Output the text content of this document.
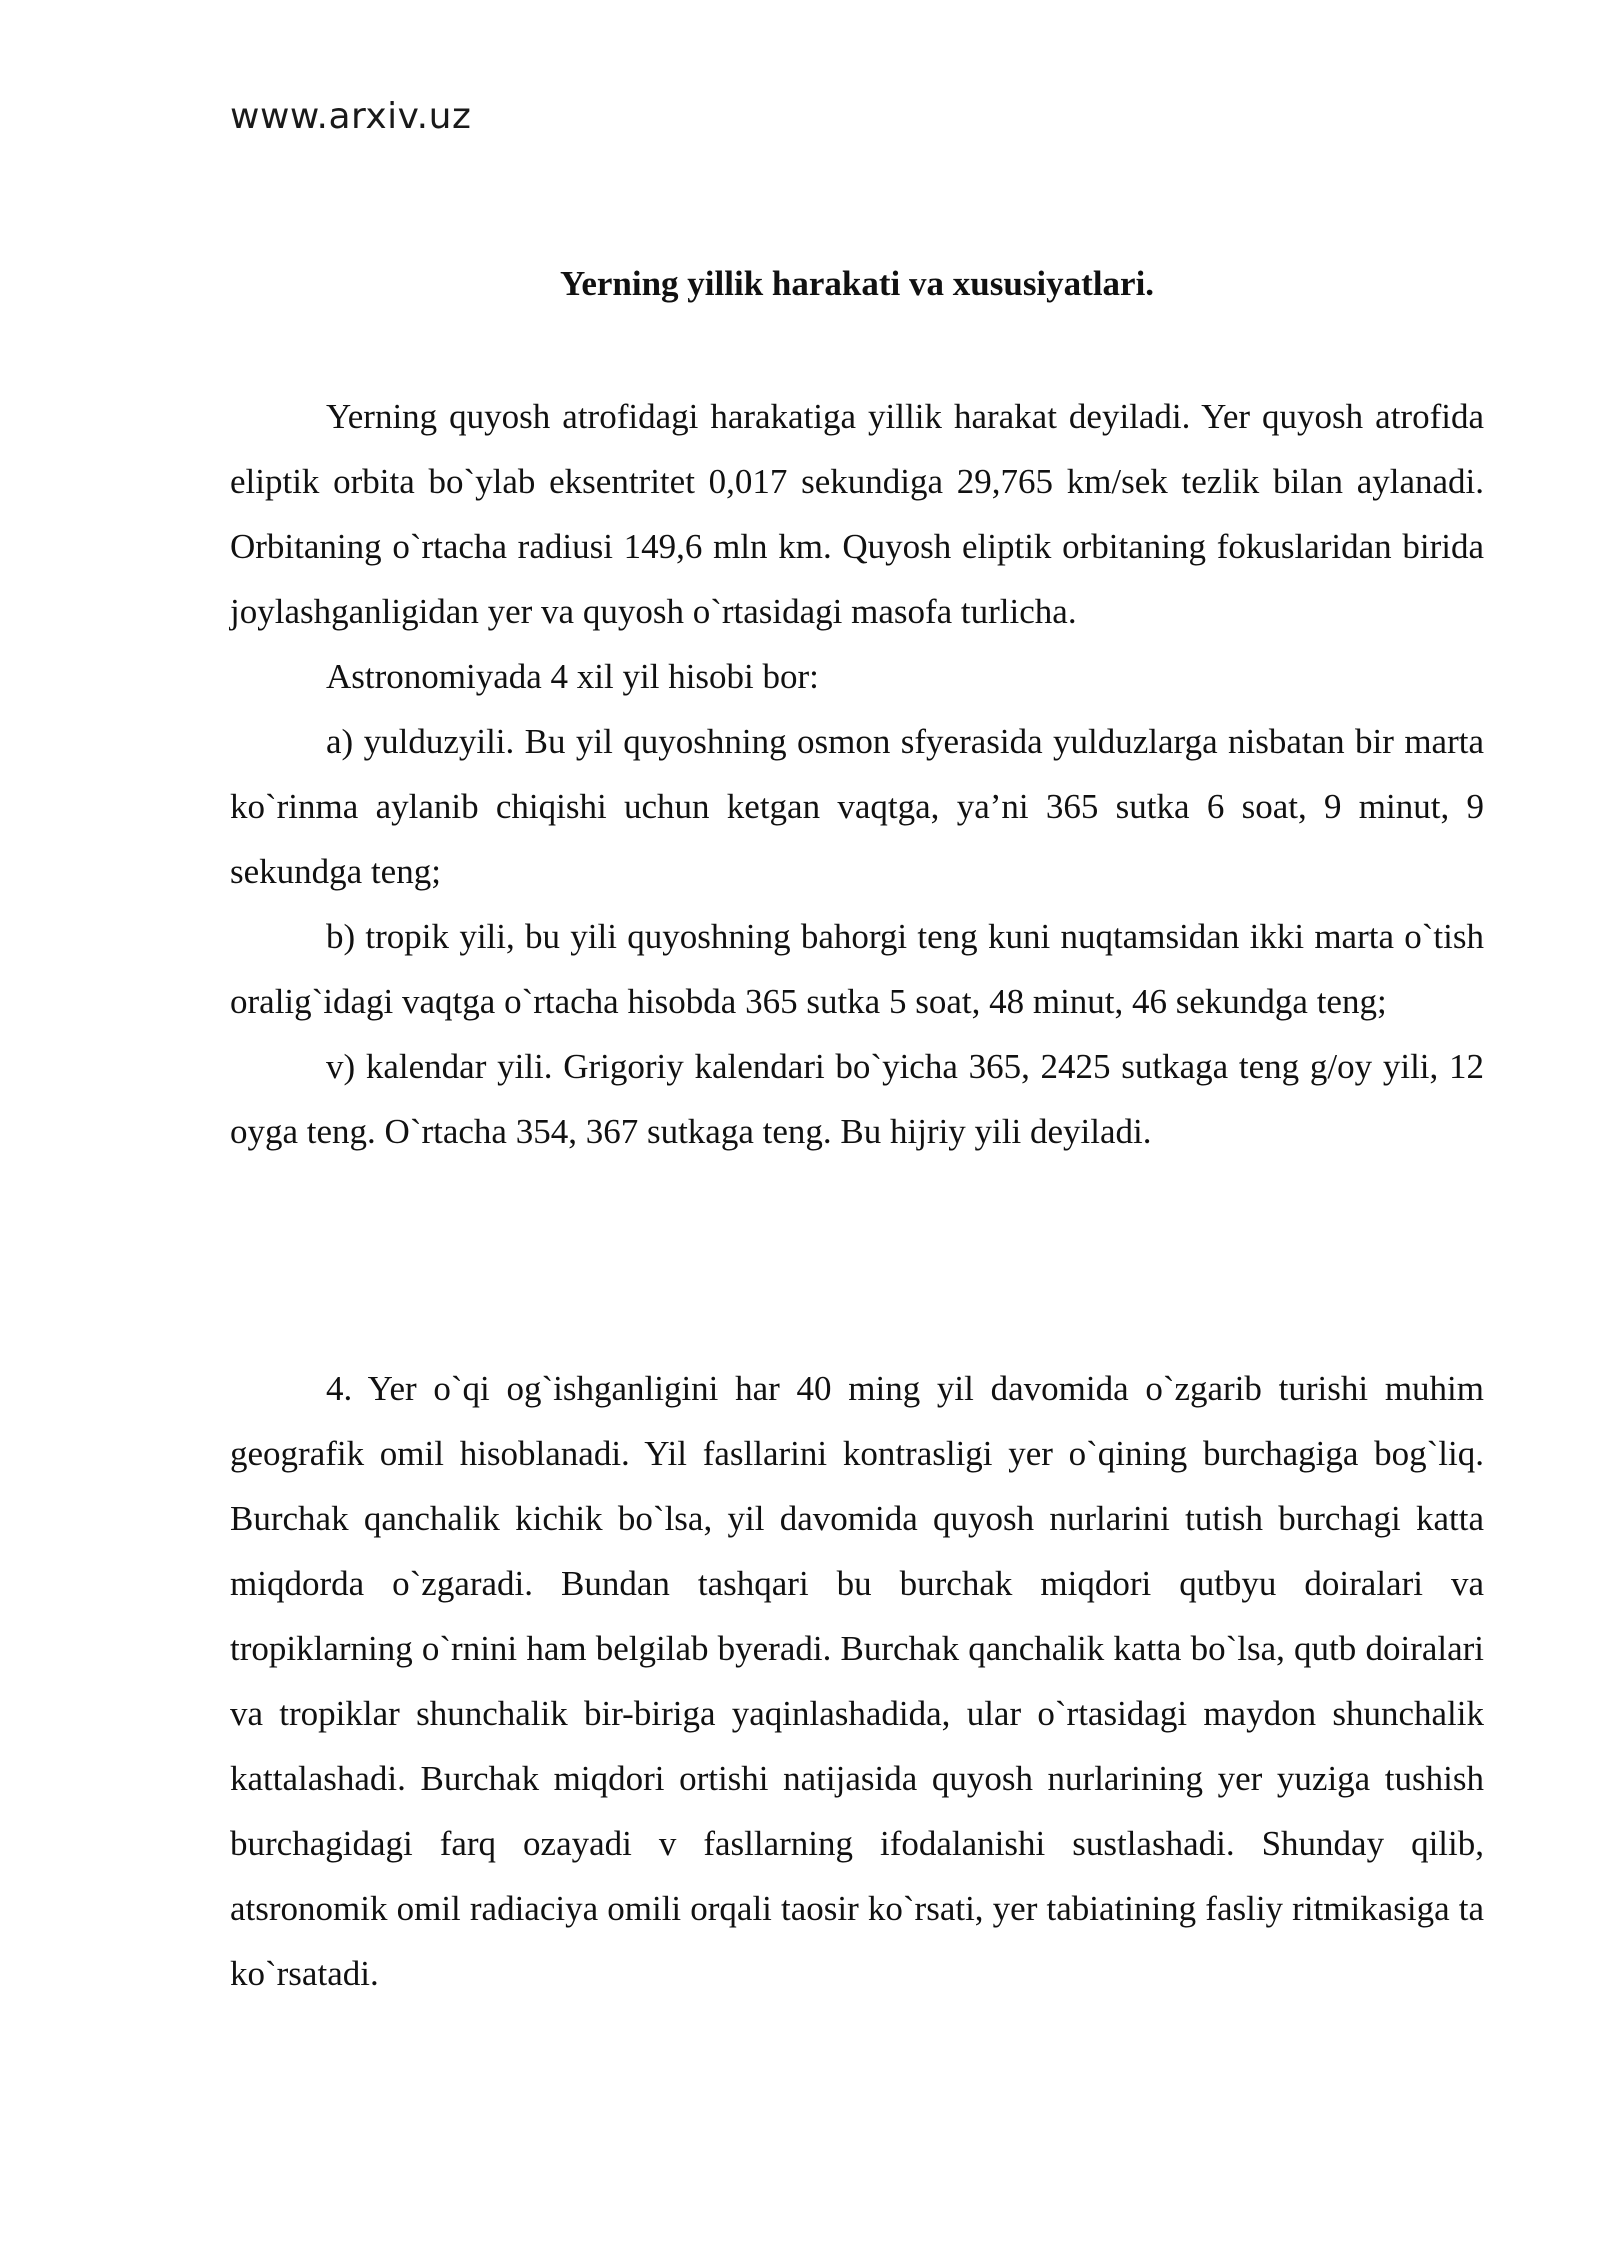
www.arxiv.uz
Yerning yillik harakati va xususiyatlari.

Yerning quyosh atrofidagi harakatiga yillik harakat deyiladi. Yer quyosh atrofida eliptik orbita bo`ylab eksentritet 0,017 sekundiga 29,765 km/sek tezlik bilan aylanadi. Orbitaning o`rtacha radiusi 149,6 mln km. Quyosh eliptik orbitaning fokuslaridan birida joylashganligidan yer va quyosh o`rtasidagi masofa turlicha.

Astronomiyada 4 xil yil hisobi bor:

a) yulduzyili. Bu yil quyoshning osmon sfyerasida yulduzlarga nisbatan bir marta ko`rinma aylanib chiqishi uchun ketgan vaqtga, ya’ni 365 sutka 6 soat, 9 minut, 9 sekundga teng;

b) tropik yili, bu yili quyoshning bahorgi teng kuni nuqtamsidan ikki marta o`tish oralig`idagi vaqtga o`rtacha hisobda 365 sutka 5 soat, 48 minut, 46 sekundga teng;

v) kalendar yili. Grigoriy kalendari bo`yicha 365, 2425 sutkaga teng g/oy yili, 12 oyga teng. O`rtacha 354, 367 sutkaga teng. Bu hijriy yili deyiladi.

4. Yer o`qi og`ishganligini har 40 ming yil davomida o`zgarib turishi muhim geografik omil hisoblanadi. Yil fasllarini kontrasligi yer o`qining burchagiga bog`liq. Burchak qanchalik kichik bo`lsa, yil davomida quyosh nurlarini tutish burchagi katta miqdorda o`zgaradi. Bundan tashqari bu burchak miqdori qutbyu doiralari va tropiklarning o`rnini ham belgilab byeradi. Burchak qanchalik katta bo`lsa, qutb doiralari va tropiklar shunchalik bir-biriga yaqinlashadida, ular o`rtasidagi maydon shunchalik kattalashadi. Burchak miqdori ortishi natijasida quyosh nurlarining yer yuziga tushish burchagidagi farq ozayadi v fasllarning ifodalanishi sustlashadi. Shunday qilib, atsronomik omil radiaciya omili orqali taosir ko`rsati, yer tabiatining fasliy ritmikasiga ta ko`rsatadi.
